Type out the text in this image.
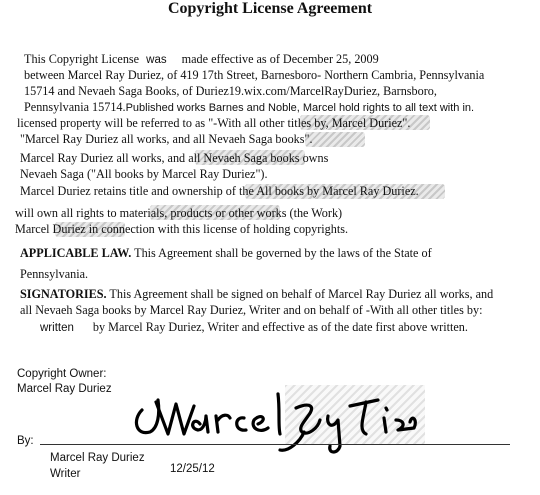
Copyright License Agreement
This Copyright License was made effective as of December 25, 2009
between Marcel Ray Duriez, of 419 17th Street, Barnesboro- Northern Cambria, Pennsylvania
15714 and Nevaeh Saga Books, of Duriez19.wix.com/MarcelRayDuriez, Barnsboro,
Pennsylvania 15714.Published works Barnes and Noble, Marcel hold rights to all text with in.
licensed property will be referred to as "-With all other titles by, Marcel Duriez".
"Marcel Ray Duriez all works, and all Nevaeh Saga books".
Marcel Ray Duriez all works, and all Nevaeh Saga books owns
Nevaeh Saga ("All books by Marcel Ray Duriez").
Marcel Duriez retains title and ownership of the All books by Marcel Ray Duriez.
will own all rights to materials, products or other works (the Work)
Marcel Duriez in connection with this license of holding copyrights.
APPLICABLE LAW. This Agreement shall be governed by the laws of the State of
Pennsylvania.
SIGNATORIES. This Agreement shall be signed on behalf of Marcel Ray Duriez all works, and
all Nevaeh Saga books by Marcel Ray Duriez, Writer and on behalf of -With all other titles by:
written by Marcel Ray Duriez, Writer and effective as of the date first above written.
Copyright Owner:
Marcel Ray Duriez
By:
Marcel Ray Duriez
Writer	12/25/12
